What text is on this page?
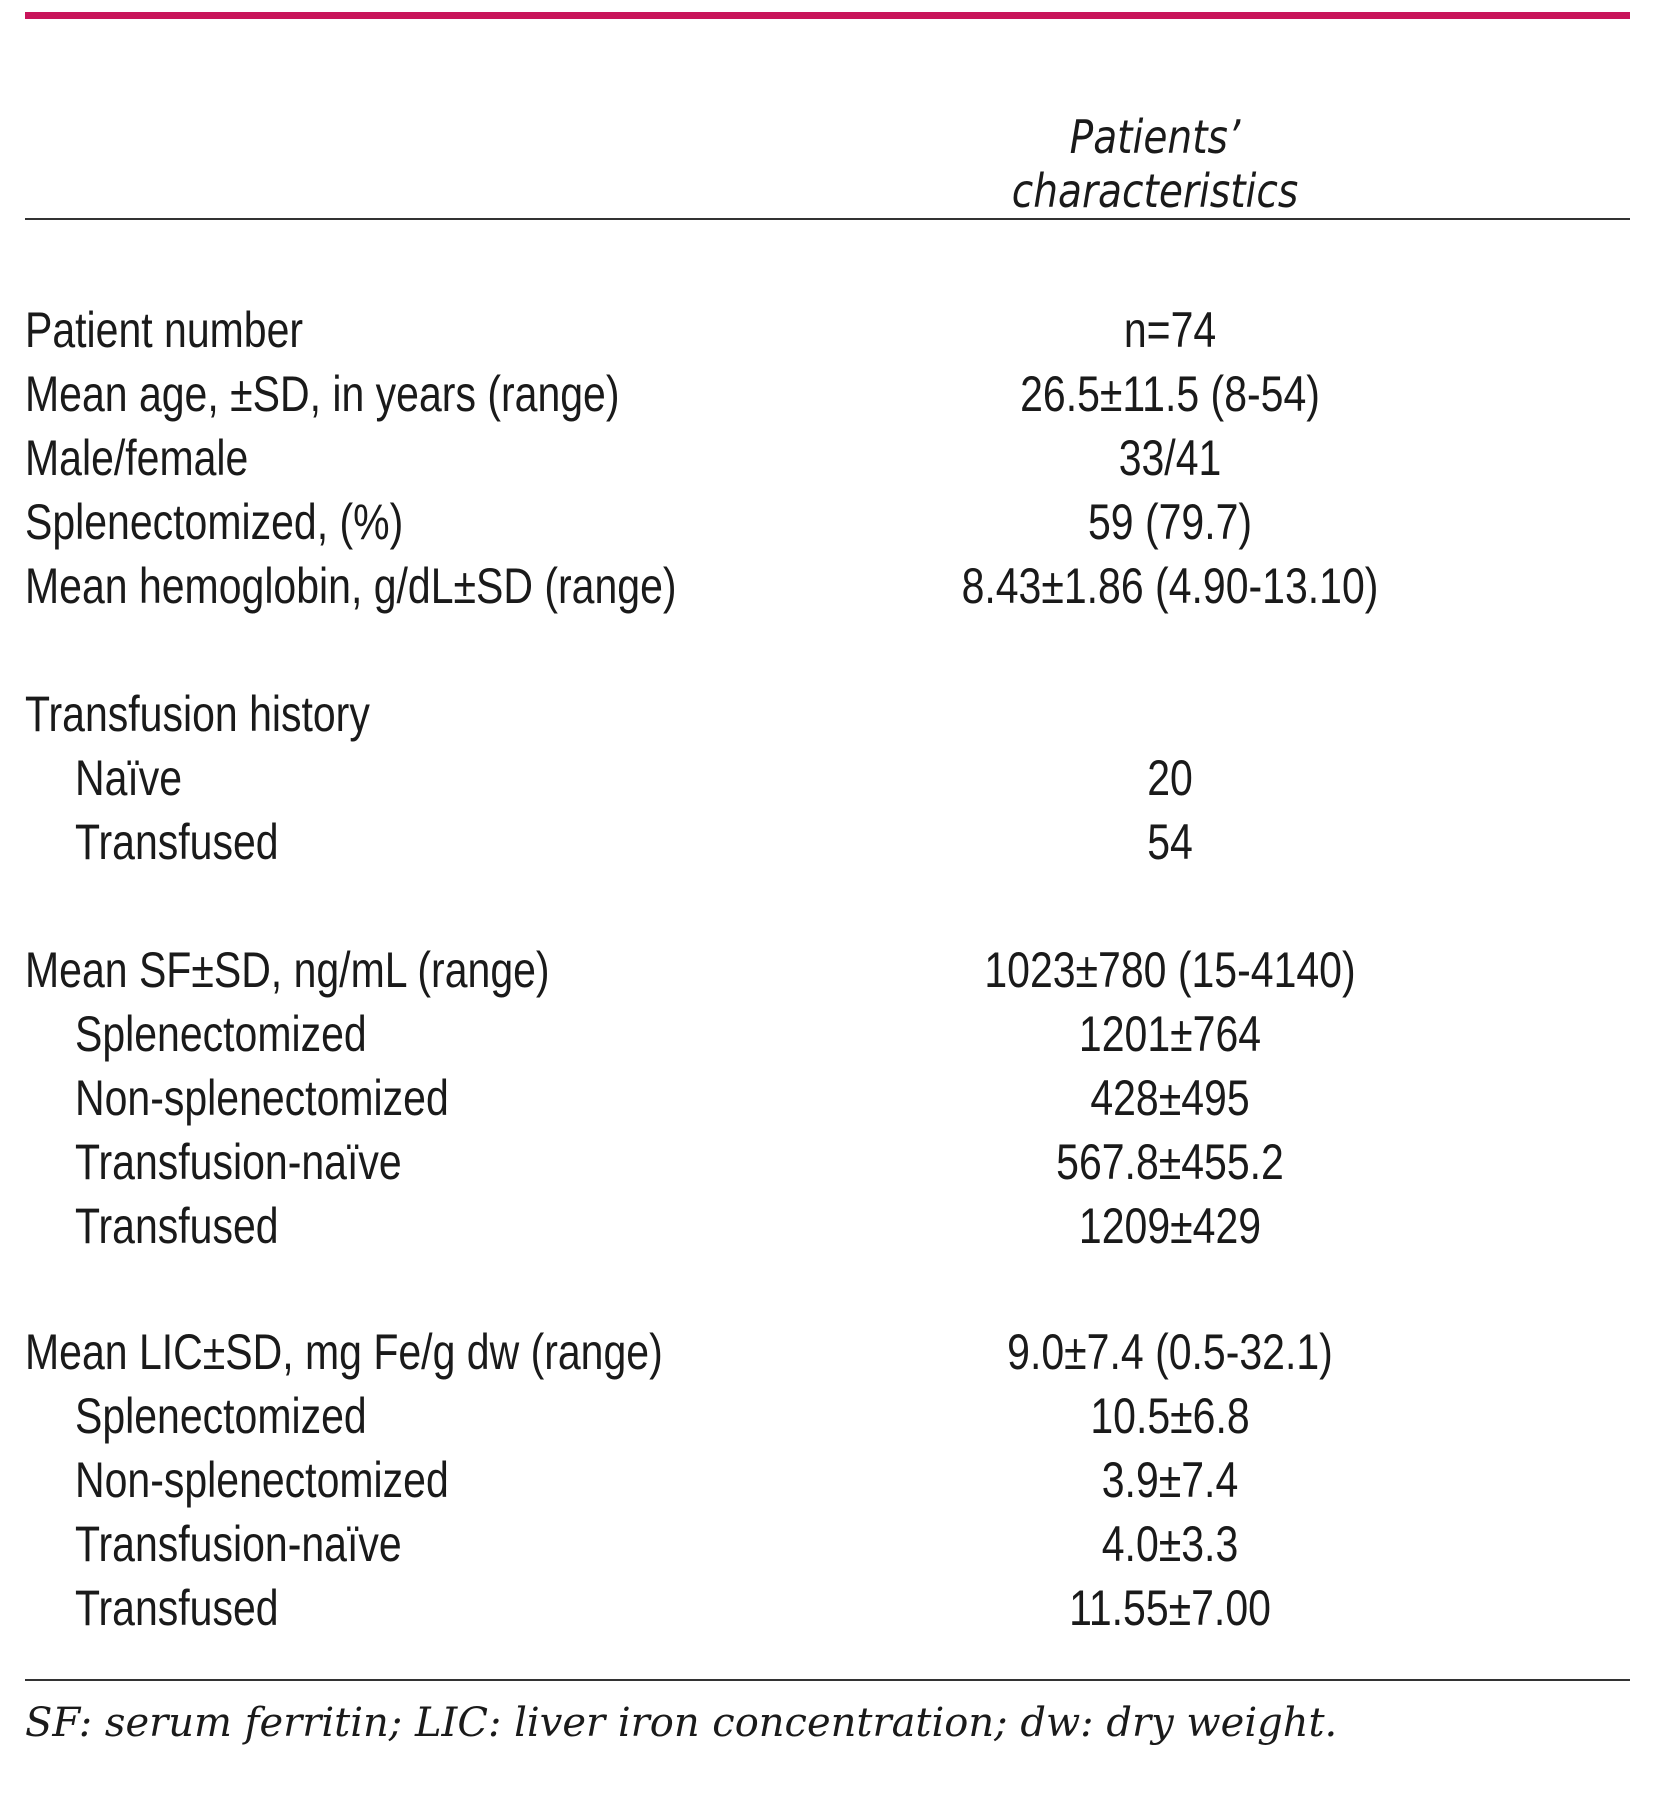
Patients’ characteristics
Patient number	n=74
Mean age, ±SD, in years (range)	26.5±11.5 (8-54)
Male/female	33/41
Splenectomized, (%)	59 (79.7)
Mean hemoglobin, g/dL±SD (range)	8.43±1.86 (4.90-13.10)
Transfusion history
Naïve	20
Transfused	54
Mean SF±SD, ng/mL (range)	1023±780 (15-4140)
Splenectomized	1201±764
Non-splenectomized	428±495
Transfusion-naïve	567.8±455.2
Transfused	1209±429
Mean LIC±SD, mg Fe/g dw (range)	9.0±7.4 (0.5-32.1)
Splenectomized	10.5±6.8
Non-splenectomized	3.9±7.4
Transfusion-naïve	4.0±3.3
Transfused	11.55±7.00
SF: serum ferritin; LIC: liver iron concentration; dw: dry weight.
